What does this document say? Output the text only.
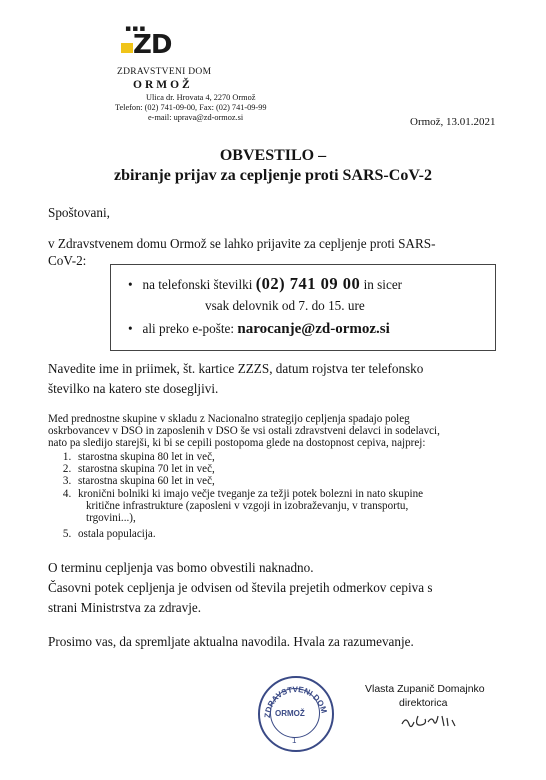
▪▪▪
ZD
ZDRAVSTVENI DOM
ORMOŽ
Ulica dr. Hrovata 4, 2270 Ormož
Telefon: (02) 741-09-00, Fax: (02) 741-09-99
e-mail: uprava@zd-ormoz.si	Ormož, 13.01.2021
OBVESTILO –
zbiranje prijav za cepljenje proti SARS-CoV-2
Spoštovani,
v Zdravstvenem domu Ormož se lahko prijavite za cepljenje proti SARS-
CoV-2:
• na telefonski številki (02) 741 09 00 in sicer
vsak delovnik od 7. do 15. ure
• ali preko e-pošte: narocanje@zd-ormoz.si
Navedite ime in priimek, št. kartice ZZZS, datum rojstva ter telefonsko
številko na katero ste dosegljivi.
Med prednostne skupine v skladu z Nacionalno strategijo cepljenja spadajo poleg
oskrbovancev v DSO in zaposlenih v DSO še vsi ostali zdravstveni delavci in sodelavci,
nato pa sledijo starejši, ki bi se cepili postopoma glede na dostopnost cepiva, najprej:
1. starostna skupina 80 let in več,
2. starostna skupina 70 let in več,
3. starostna skupina 60 let in več,
4. kronični bolniki ki imajo večje tveganje za težji potek bolezni in nato skupine
kritične infrastrukture (zaposleni v vzgoji in izobraževanju, v transportu,
trgovini...),
5. ostala populacija.
O terminu cepljenja vas bomo obvestili naknadno.
Časovni potek cepljenja je odvisen od števila prejetih odmerkov cepiva s
strani Ministrstva za zdravje.
Prosimo vas, da spremljate aktualna navodila. Hvala za razumevanje.
ZDRAVSTVENI DOM
ORMOŽ
1
Vlasta Zupanič Domajnko
direktorica
